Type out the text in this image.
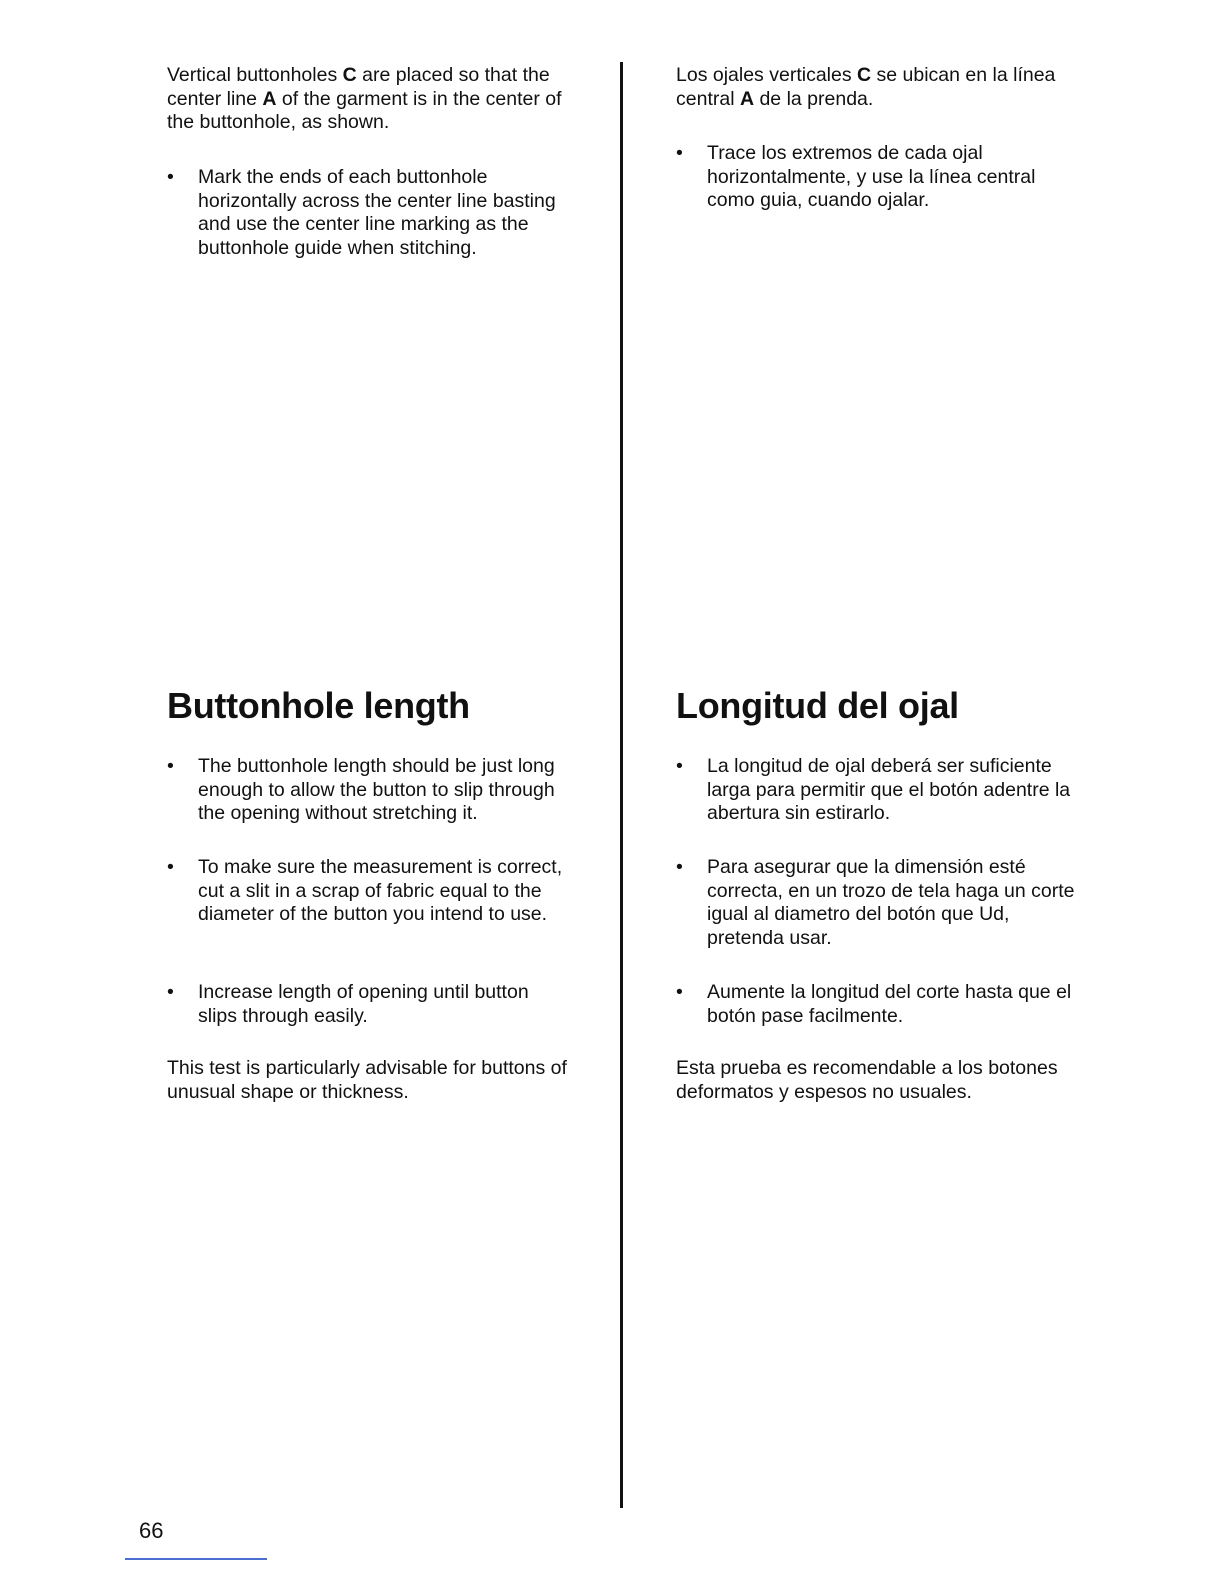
Vertical buttonholes C are placed so that the center line A of the garment is in the center of the buttonhole, as shown.

• Mark the ends of each buttonhole horizontally across the center line basting and use the center line marking as the buttonhole guide when stitching.

Buttonhole length

• The buttonhole length should be just long enough to allow the button to slip through the opening without stretching it.

• To make sure the measurement is correct, cut a slit in a scrap of fabric equal to the diameter of the button you intend to use.

• Increase length of opening until button slips through easily.

This test is particularly advisable for buttons of unusual shape or thickness.

Los ojales verticales C se ubican en la línea central A de la prenda.

• Trace los extremos de cada ojal horizontalmente, y use la línea central como guia, cuando ojalar.

Longitud del ojal

• La longitud de ojal deberá ser suficiente larga para permitir que el botón adentre la abertura sin estirarlo.

• Para asegurar que la dimensión esté correcta, en un trozo de tela haga un corte igual al diametro del botón que Ud, pretenda usar.

• Aumente la longitud del corte hasta que el botón pase facilmente.

Esta prueba es recomendable a los botones deformatos y espesos no usuales.

66
